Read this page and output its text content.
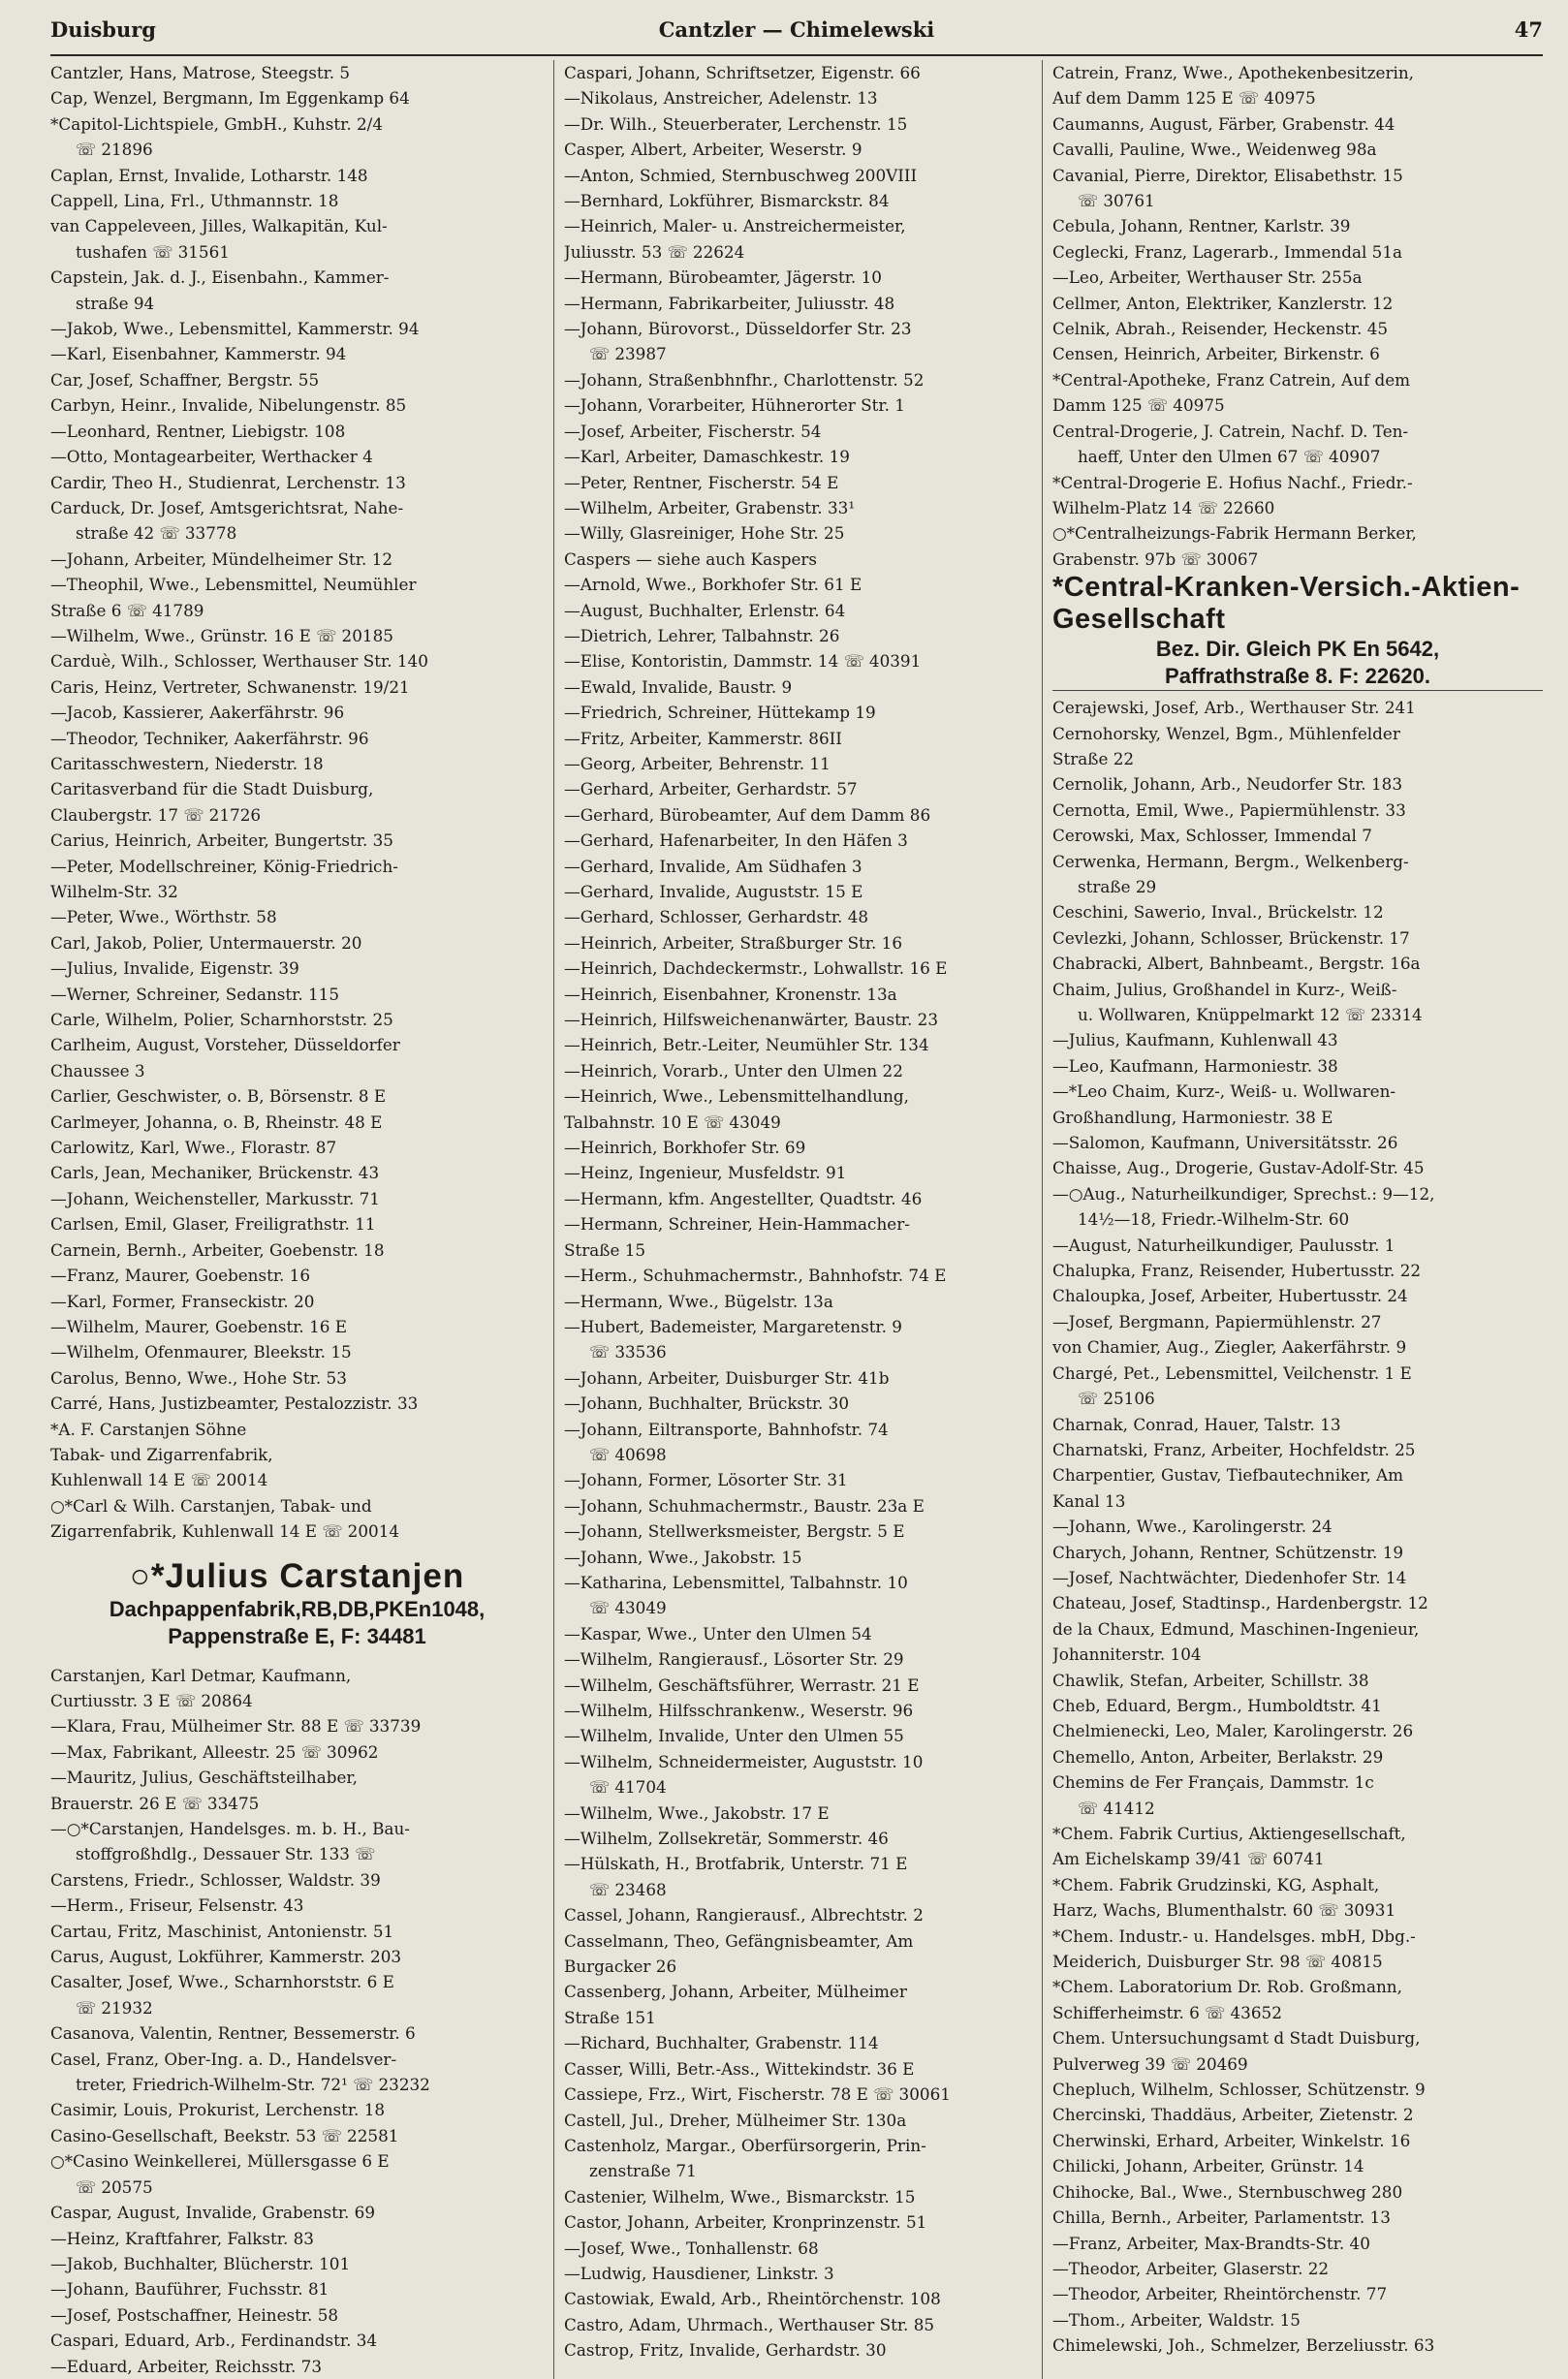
Duisburg	Cantzler — Chimelewski	47
Cantzler, Hans, Matrose, Steegstr. 5
Cap, Wenzel, Bergmann, Im Eggenkamp 64
*Capitol-Lichtspiele, GmbH., Kuhstr. 2/4
☏ 21896
Caplan, Ernst, Invalide, Lotharstr. 148
Cappell, Lina, Frl., Uthmannstr. 18
van Cappeleveen, Jilles, Walkapitän, Kul-
tushafen ☏ 31561
Capstein, Jak. d. J., Eisenbahn., Kammer-
straße 94
—Jakob, Wwe., Lebensmittel, Kammerstr. 94
—Karl, Eisenbahner, Kammerstr. 94
Car, Josef, Schaffner, Bergstr. 55
Carbyn, Heinr., Invalide, Nibelungenstr. 85
—Leonhard, Rentner, Liebigstr. 108
—Otto, Montagearbeiter, Werthacker 4
Cardir, Theo H., Studienrat, Lerchenstr. 13
Carduck, Dr. Josef, Amtsgerichtsrat, Nahe-
straße 42 ☏ 33778
—Johann, Arbeiter, Mündelheimer Str. 12
—Theophil, Wwe., Lebensmittel, Neumühler
Straße 6 ☏ 41789
—Wilhelm, Wwe., Grünstr. 16 E ☏ 20185
Carduè, Wilh., Schlosser, Werthauser Str. 140
Caris, Heinz, Vertreter, Schwanenstr. 19/21
—Jacob, Kassierer, Aakerfährstr. 96
—Theodor, Techniker, Aakerfährstr. 96
Caritasschwestern, Niederstr. 18
Caritasverband für die Stadt Duisburg,
Claubergstr. 17 ☏ 21726
Carius, Heinrich, Arbeiter, Bungertstr. 35
—Peter, Modellschreiner, König-Friedrich-
Wilhelm-Str. 32
—Peter, Wwe., Wörthstr. 58
Carl, Jakob, Polier, Untermauerstr. 20
—Julius, Invalide, Eigenstr. 39
—Werner, Schreiner, Sedanstr. 115
Carle, Wilhelm, Polier, Scharnhorststr. 25
Carlheim, August, Vorsteher, Düsseldorfer
Chaussee 3
Carlier, Geschwister, o. B, Börsenstr. 8 E
Carlmeyer, Johanna, o. B, Rheinstr. 48 E
Carlowitz, Karl, Wwe., Florastr. 87
Carls, Jean, Mechaniker, Brückenstr. 43
—Johann, Weichensteller, Markusstr. 71
Carlsen, Emil, Glaser, Freiligrathstr. 11
Carnein, Bernh., Arbeiter, Goebenstr. 18
—Franz, Maurer, Goebenstr. 16
—Karl, Former, Franseckistr. 20
—Wilhelm, Maurer, Goebenstr. 16 E
—Wilhelm, Ofenmaurer, Bleekstr. 15
Carolus, Benno, Wwe., Hohe Str. 53
Carré, Hans, Justizbeamter, Pestalozzistr. 33
*A. F. Carstanjen Söhne
Tabak- und Zigarrenfabrik,
Kuhlenwall 14 E ☏ 20014
○*Carl & Wilh. Carstanjen, Tabak- und
Zigarrenfabrik, Kuhlenwall 14 E ☏ 20014
○*Julius Carstanjen
Dachpappenfabrik,RB,DB,PKEn1048,
Pappenstraße E, F: 34481
Carstanjen, Karl Detmar, Kaufmann,
Curtiusstr. 3 E ☏ 20864
—Klara, Frau, Mülheimer Str. 88 E ☏ 33739
—Max, Fabrikant, Alleestr. 25 ☏ 30962
—Mauritz, Julius, Geschäftsteilhaber,
Brauerstr. 26 E ☏ 33475
—○*Carstanjen, Handelsges. m. b. H., Bau-
stoffgroßhdlg., Dessauer Str. 133 ☏
Carstens, Friedr., Schlosser, Waldstr. 39
—Herm., Friseur, Felsenstr. 43
Cartau, Fritz, Maschinist, Antonienstr. 51
Carus, August, Lokführer, Kammerstr. 203
Casalter, Josef, Wwe., Scharnhorststr. 6 E
☏ 21932
Casanova, Valentin, Rentner, Bessemerstr. 6
Casel, Franz, Ober-Ing. a. D., Handelsver-
treter, Friedrich-Wilhelm-Str. 72¹ ☏ 23232
Casimir, Louis, Prokurist, Lerchenstr. 18
Casino-Gesellschaft, Beekstr. 53 ☏ 22581
○*Casino Weinkellerei, Müllersgasse 6 E
☏ 20575
Caspar, August, Invalide, Grabenstr. 69
—Heinz, Kraftfahrer, Falkstr. 83
—Jakob, Buchhalter, Blücherstr. 101
—Johann, Bauführer, Fuchsstr. 81
—Josef, Postschaffner, Heinestr. 58
Caspari, Eduard, Arb., Ferdinandstr. 34
—Eduard, Arbeiter, Reichsstr. 73
Caspari, Johann, Schriftsetzer, Eigenstr. 66
—Nikolaus, Anstreicher, Adelenstr. 13
—Dr. Wilh., Steuerberater, Lerchenstr. 15
Casper, Albert, Arbeiter, Weserstr. 9
—Anton, Schmied, Sternbuschweg 200VIII
—Bernhard, Lokführer, Bismarckstr. 84
—Heinrich, Maler- u. Anstreichermeister,
Juliusstr. 53 ☏ 22624
—Hermann, Bürobeamter, Jägerstr. 10
—Hermann, Fabrikarbeiter, Juliusstr. 48
—Johann, Bürovorst., Düsseldorfer Str. 23
☏ 23987
—Johann, Straßenbhnfhr., Charlottenstr. 52
—Johann, Vorarbeiter, Hühnerorter Str. 1
—Josef, Arbeiter, Fischerstr. 54
—Karl, Arbeiter, Damaschkestr. 19
—Peter, Rentner, Fischerstr. 54 E
—Wilhelm, Arbeiter, Grabenstr. 33¹
—Willy, Glasreiniger, Hohe Str. 25
Caspers — siehe auch Kaspers
—Arnold, Wwe., Borkhofer Str. 61 E
—August, Buchhalter, Erlenstr. 64
—Dietrich, Lehrer, Talbahnstr. 26
—Elise, Kontoristin, Dammstr. 14 ☏ 40391
—Ewald, Invalide, Baustr. 9
—Friedrich, Schreiner, Hüttekamp 19
—Fritz, Arbeiter, Kammerstr. 86II
—Georg, Arbeiter, Behrenstr. 11
—Gerhard, Arbeiter, Gerhardstr. 57
—Gerhard, Bürobeamter, Auf dem Damm 86
—Gerhard, Hafenarbeiter, In den Häfen 3
—Gerhard, Invalide, Am Südhafen 3
—Gerhard, Invalide, Auguststr. 15 E
—Gerhard, Schlosser, Gerhardstr. 48
—Heinrich, Arbeiter, Straßburger Str. 16
—Heinrich, Dachdeckermstr., Lohwallstr. 16 E
—Heinrich, Eisenbahner, Kronenstr. 13a
—Heinrich, Hilfsweichenanwärter, Baustr. 23
—Heinrich, Betr.-Leiter, Neumühler Str. 134
—Heinrich, Vorarb., Unter den Ulmen 22
—Heinrich, Wwe., Lebensmittelhandlung,
Talbahnstr. 10 E ☏ 43049
—Heinrich, Borkhofer Str. 69
—Heinz, Ingenieur, Musfeldstr. 91
—Hermann, kfm. Angestellter, Quadtstr. 46
—Hermann, Schreiner, Hein-Hammacher-
Straße 15
—Herm., Schuhmachermstr., Bahnhofstr. 74 E
—Hermann, Wwe., Bügelstr. 13a
—Hubert, Bademeister, Margaretenstr. 9
☏ 33536
—Johann, Arbeiter, Duisburger Str. 41b
—Johann, Buchhalter, Brückstr. 30
—Johann, Eiltransporte, Bahnhofstr. 74
☏ 40698
—Johann, Former, Lösorter Str. 31
—Johann, Schuhmachermstr., Baustr. 23a E
—Johann, Stellwerksmeister, Bergstr. 5 E
—Johann, Wwe., Jakobstr. 15
—Katharina, Lebensmittel, Talbahnstr. 10
☏ 43049
—Kaspar, Wwe., Unter den Ulmen 54
—Wilhelm, Rangierausf., Lösorter Str. 29
—Wilhelm, Geschäftsführer, Werrastr. 21 E
—Wilhelm, Hilfsschrankenw., Weserstr. 96
—Wilhelm, Invalide, Unter den Ulmen 55
—Wilhelm, Schneidermeister, Auguststr. 10
☏ 41704
—Wilhelm, Wwe., Jakobstr. 17 E
—Wilhelm, Zollsekretär, Sommerstr. 46
—Hülskath, H., Brotfabrik, Unterstr. 71 E
☏ 23468
Cassel, Johann, Rangierausf., Albrechtstr. 2
Casselmann, Theo, Gefängnisbeamter, Am
Burgacker 26
Cassenberg, Johann, Arbeiter, Mülheimer
Straße 151
—Richard, Buchhalter, Grabenstr. 114
Casser, Willi, Betr.-Ass., Wittekindstr. 36 E
Cassiepe, Frz., Wirt, Fischerstr. 78 E ☏ 30061
Castell, Jul., Dreher, Mülheimer Str. 130a
Castenholz, Margar., Oberfürsorgerin, Prin-
zenstraße 71
Castenier, Wilhelm, Wwe., Bismarckstr. 15
Castor, Johann, Arbeiter, Kronprinzenstr. 51
—Josef, Wwe., Tonhallenstr. 68
—Ludwig, Hausdiener, Linkstr. 3
Castowiak, Ewald, Arb., Rheintörchenstr. 108
Castro, Adam, Uhrmach., Werthauser Str. 85
Castrop, Fritz, Invalide, Gerhardstr. 30
Catrein, Franz, Wwe., Apothekenbesitzerin,
Auf dem Damm 125 E ☏ 40975
Caumanns, August, Färber, Grabenstr. 44
Cavalli, Pauline, Wwe., Weidenweg 98a
Cavanial, Pierre, Direktor, Elisabethstr. 15
☏ 30761
Cebula, Johann, Rentner, Karlstr. 39
Ceglecki, Franz, Lagerarb., Immendal 51a
—Leo, Arbeiter, Werthauser Str. 255a
Cellmer, Anton, Elektriker, Kanzlerstr. 12
Celnik, Abrah., Reisender, Heckenstr. 45
Censen, Heinrich, Arbeiter, Birkenstr. 6
*Central-Apotheke, Franz Catrein, Auf dem
Damm 125 ☏ 40975
Central-Drogerie, J. Catrein, Nachf. D. Ten-
haeff, Unter den Ulmen 67 ☏ 40907
*Central-Drogerie E. Hofius Nachf., Friedr.-
Wilhelm-Platz 14 ☏ 22660
○*Centralheizungs-Fabrik Hermann Berker,
Grabenstr. 97b ☏ 30067
*Central-Kranken-Versich.-Aktien-Gesellschaft
Bez. Dir. Gleich PK En 5642,
Paffrathstraße 8. F: 22620.
Cerajewski, Josef, Arb., Werthauser Str. 241
Cernohorsky, Wenzel, Bgm., Mühlenfelder
Straße 22
Cernolik, Johann, Arb., Neudorfer Str. 183
Cernotta, Emil, Wwe., Papiermühlenstr. 33
Cerowski, Max, Schlosser, Immendal 7
Cerwenka, Hermann, Bergm., Welkenberg-
straße 29
Ceschini, Sawerio, Inval., Brückelstr. 12
Cevlezki, Johann, Schlosser, Brückenstr. 17
Chabracki, Albert, Bahnbeamt., Bergstr. 16a
Chaim, Julius, Großhandel in Kurz-, Weiß-
u. Wollwaren, Knüppelmarkt 12 ☏ 23314
—Julius, Kaufmann, Kuhlenwall 43
—Leo, Kaufmann, Harmoniestr. 38
—*Leo Chaim, Kurz-, Weiß- u. Wollwaren-
Großhandlung, Harmoniestr. 38 E
—Salomon, Kaufmann, Universitätsstr. 26
Chaisse, Aug., Drogerie, Gustav-Adolf-Str. 45
—○Aug., Naturheilkundiger, Sprechst.: 9—12,
14½—18, Friedr.-Wilhelm-Str. 60
—August, Naturheilkundiger, Paulusstr. 1
Chalupka, Franz, Reisender, Hubertusstr. 22
Chaloupka, Josef, Arbeiter, Hubertusstr. 24
—Josef, Bergmann, Papiermühlenstr. 27
von Chamier, Aug., Ziegler, Aakerfährstr. 9
Chargé, Pet., Lebensmittel, Veilchenstr. 1 E
☏ 25106
Charnak, Conrad, Hauer, Talstr. 13
Charnatski, Franz, Arbeiter, Hochfeldstr. 25
Charpentier, Gustav, Tiefbautechniker, Am
Kanal 13
—Johann, Wwe., Karolingerstr. 24
Charych, Johann, Rentner, Schützenstr. 19
—Josef, Nachtwächter, Diedenhofer Str. 14
Chateau, Josef, Stadtinsp., Hardenbergstr. 12
de la Chaux, Edmund, Maschinen-Ingenieur,
Johanniterstr. 104
Chawlik, Stefan, Arbeiter, Schillstr. 38
Cheb, Eduard, Bergm., Humboldtstr. 41
Chelmienecki, Leo, Maler, Karolingerstr. 26
Chemello, Anton, Arbeiter, Berlakstr. 29
Chemins de Fer Français, Dammstr. 1c
☏ 41412
*Chem. Fabrik Curtius, Aktiengesellschaft,
Am Eichelskamp 39/41 ☏ 60741
*Chem. Fabrik Grudzinski, KG, Asphalt,
Harz, Wachs, Blumenthalstr. 60 ☏ 30931
*Chem. Industr.- u. Handelsges. mbH, Dbg.-
Meiderich, Duisburger Str. 98 ☏ 40815
*Chem. Laboratorium Dr. Rob. Großmann,
Schifferheimstr. 6 ☏ 43652
Chem. Untersuchungsamt d Stadt Duisburg,
Pulverweg 39 ☏ 20469
Chepluch, Wilhelm, Schlosser, Schützenstr. 9
Chercinski, Thaddäus, Arbeiter, Zietenstr. 2
Cherwinski, Erhard, Arbeiter, Winkelstr. 16
Chilicki, Johann, Arbeiter, Grünstr. 14
Chihocke, Bal., Wwe., Sternbuschweg 280
Chilla, Bernh., Arbeiter, Parlamentstr. 13
—Franz, Arbeiter, Max-Brandts-Str. 40
—Theodor, Arbeiter, Glaserstr. 22
—Theodor, Arbeiter, Rheintörchenstr. 77
—Thom., Arbeiter, Waldstr. 15
Chimelewski, Joh., Schmelzer, Berzeliusstr. 63
